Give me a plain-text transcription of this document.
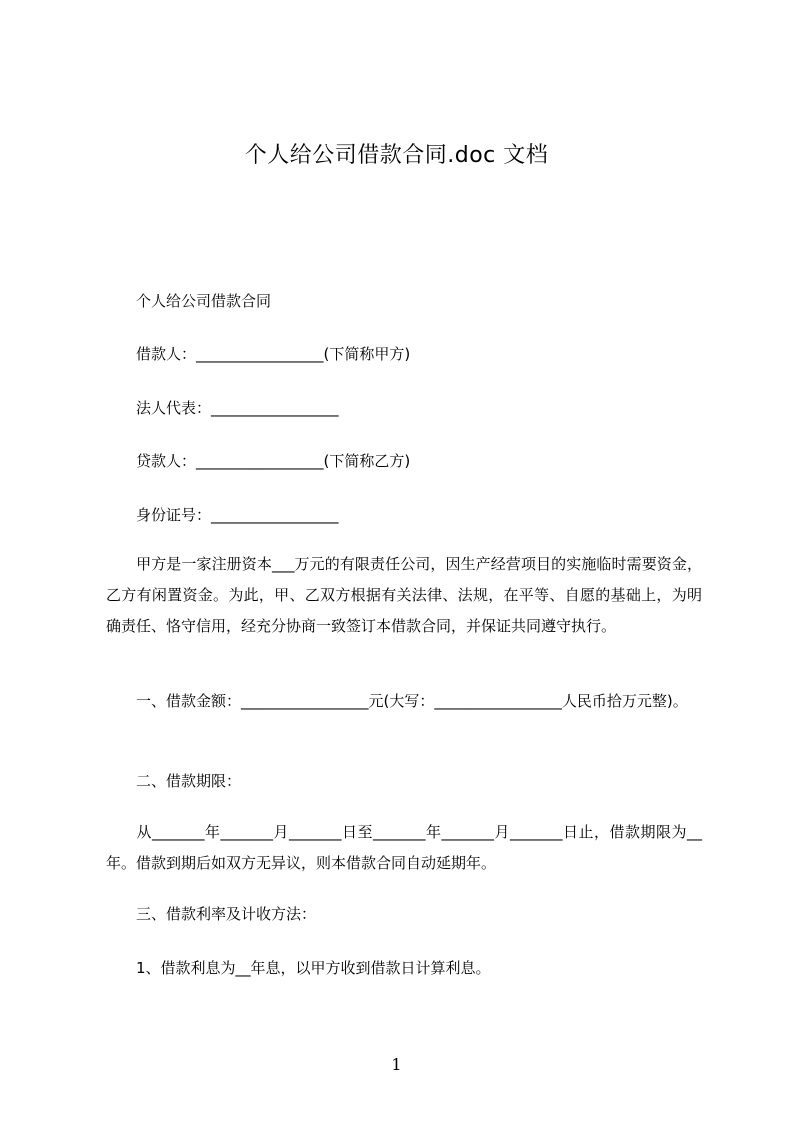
个人给公司借款合同.doc 文档
个人给公司借款合同
借款人：_________________(下简称甲方)
法人代表：_________________
贷款人：_________________(下简称乙方)
身份证号：_________________
甲方是一家注册资本___万元的有限责任公司，因生产经营项目的实施临时需要资金，乙方有闲置资金。为此，甲、乙双方根据有关法律、法规，在平等、自愿的基础上，为明确责任、恪守信用，经充分协商一致签订本借款合同，并保证共同遵守执行。
一、借款金额：_________________元(大写：_________________人民币拾万元整)。
二、借款期限：
从_______年_______月_______日至_______年_______月_______日止，借款期限为__年。借款到期后如双方无异议，则本借款合同自动延期年。
三、借款利率及计收方法：
1、借款利息为__年息，以甲方收到借款日计算利息。
1
